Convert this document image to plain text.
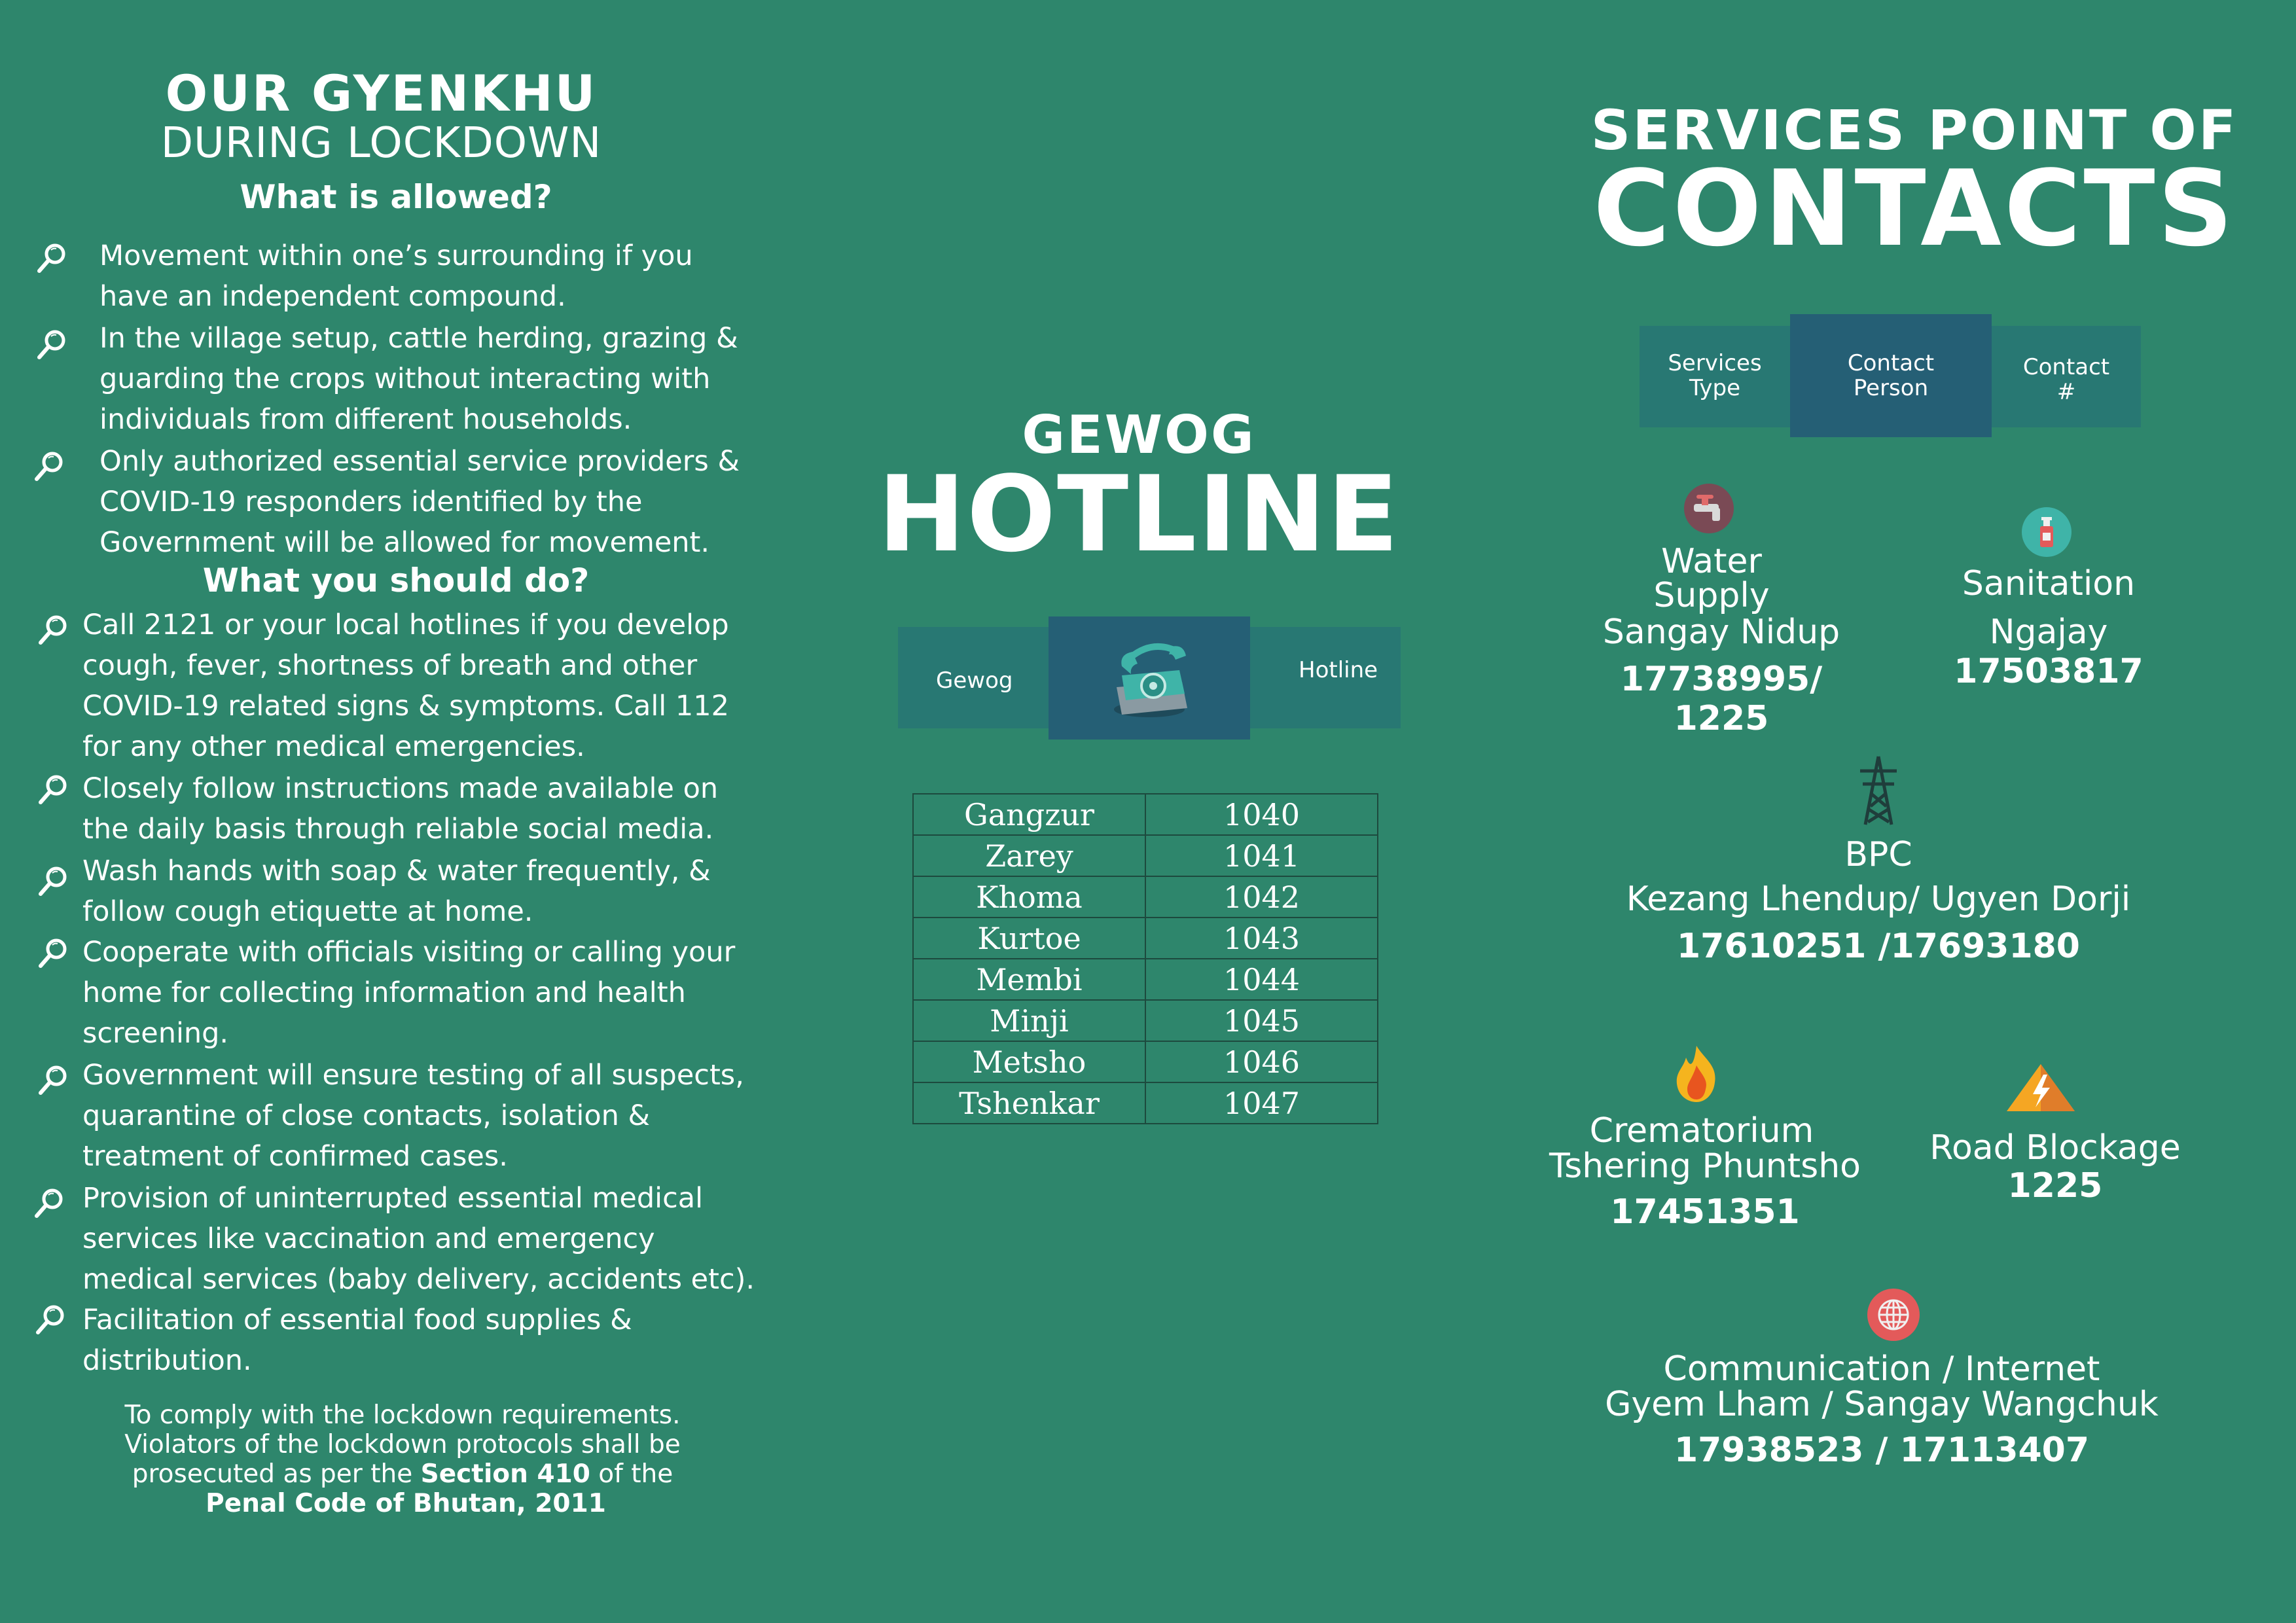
OUR GYENKHU
DURING LOCKDOWN
What is allowed?
Movement within one’s surrounding if you have an independent compound.
In the village setup, cattle herding, grazing & guarding the crops without interacting with individuals from different households.
Only authorized essential service providers & COVID-19 responders identified by the Government will be allowed for movement.
What you should do?
Call 2121 or your local hotlines if you develop cough, fever, shortness of breath and other COVID-19 related signs & symptoms. Call 112 for any other medical emergencies.
Closely follow instructions made available on the daily basis through reliable social media.
Wash hands with soap & water frequently, & follow cough etiquette at home.
Cooperate with officials visiting or calling your home for collecting information and health screening.
Government will ensure testing of all suspects, quarantine of close contacts, isolation & treatment of confirmed cases.
Provision of uninterrupted essential medical services like vaccination and emergency medical services (baby delivery, accidents etc).
Facilitation of essential food supplies & distribution.
To comply with the lockdown requirements.
Violators of the lockdown protocols shall be
prosecuted as per the Section 410 of the
Penal Code of Bhutan, 2011
GEWOG
HOTLINE
Gewog	Hotline
Gangzur	1040
Zarey	1041
Khoma	1042
Kurtoe	1043
Membi	1044
Minji	1045
Metsho	1046
Tshenkar	1047
SERVICES POINT OF
CONTACTS
Services
Type
Contact
Person
Contact
#
Water
Supply
Sangay Nidup
17738995/ 1225
Sanitation
Ngajay
17503817
BPC
Kezang Lhendup/ Ugyen Dorji
17610251 /17693180
Crematorium
Tshering Phuntsho
17451351
Road Blockage
1225
Communication / Internet
Gyem Lham / Sangay Wangchuk
17938523 / 17113407
